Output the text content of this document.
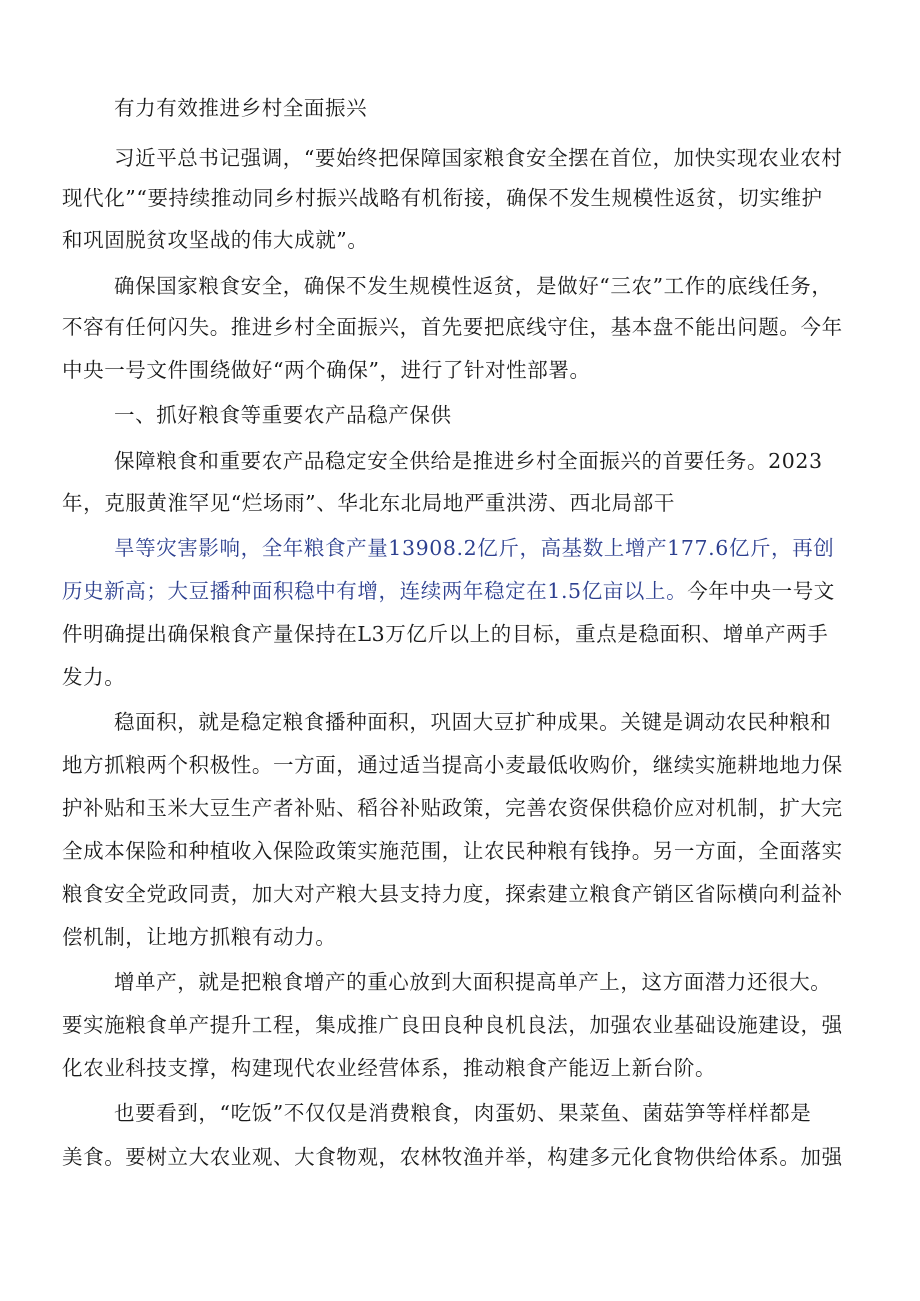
有力有效推进乡村全面振兴
习近平总书记强调，“要始终把保障国家粮食安全摆在首位，加快实现农业农村
现代化”“要持续推动同乡村振兴战略有机衔接，确保不发生规模性返贫，切实维护
和巩固脱贫攻坚战的伟大成就”。
确保国家粮食安全，确保不发生规模性返贫，是做好“三农”工作的底线任务，
不容有任何闪失。推进乡村全面振兴，首先要把底线守住，基本盘不能出问题。今年
中央一号文件围绕做好“两个确保”，进行了针对性部署。
一、抓好粮食等重要农产品稳产保供
保障粮食和重要农产品稳定安全供给是推进乡村全面振兴的首要任务。2023
年，克服黄淮罕见“烂场雨”、华北东北局地严重洪涝、西北局部干
旱等灾害影响，全年粮食产量13908.2亿斤，高基数上增产177.6亿斤，再创
历史新高；大豆播种面积稳中有增，连续两年稳定在1.5亿亩以上。今年中央一号文
件明确提出确保粮食产量保持在L3万亿斤以上的目标，重点是稳面积、增单产两手
发力。
稳面积，就是稳定粮食播种面积，巩固大豆扩种成果。关键是调动农民种粮和
地方抓粮两个积极性。一方面，通过适当提高小麦最低收购价，继续实施耕地地力保
护补贴和玉米大豆生产者补贴、稻谷补贴政策，完善农资保供稳价应对机制，扩大完
全成本保险和种植收入保险政策实施范围，让农民种粮有钱挣。另一方面，全面落实
粮食安全党政同责，加大对产粮大县支持力度，探索建立粮食产销区省际横向利益补
偿机制，让地方抓粮有动力。
增单产，就是把粮食增产的重心放到大面积提高单产上，这方面潜力还很大。
要实施粮食单产提升工程，集成推广良田良种良机良法，加强农业基础设施建设，强
化农业科技支撑，构建现代农业经营体系，推动粮食产能迈上新台阶。
也要看到，“吃饭”不仅仅是消费粮食，肉蛋奶、果菜鱼、菌菇笋等样样都是
美食。要树立大农业观、大食物观，农林牧渔并举，构建多元化食物供给体系。加强
